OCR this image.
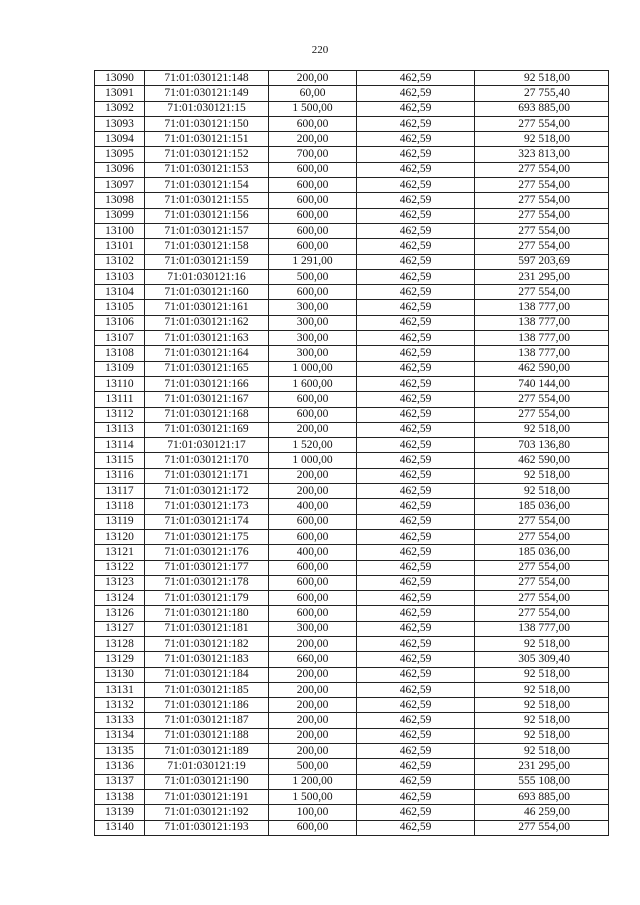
220
13090	71:01:030121:148	200,00	462,59	92 518,00
13091	71:01:030121:149	60,00	462,59	27 755,40
13092	71:01:030121:15	1 500,00	462,59	693 885,00
13093	71:01:030121:150	600,00	462,59	277 554,00
13094	71:01:030121:151	200,00	462,59	92 518,00
13095	71:01:030121:152	700,00	462,59	323 813,00
13096	71:01:030121:153	600,00	462,59	277 554,00
13097	71:01:030121:154	600,00	462,59	277 554,00
13098	71:01:030121:155	600,00	462,59	277 554,00
13099	71:01:030121:156	600,00	462,59	277 554,00
13100	71:01:030121:157	600,00	462,59	277 554,00
13101	71:01:030121:158	600,00	462,59	277 554,00
13102	71:01:030121:159	1 291,00	462,59	597 203,69
13103	71:01:030121:16	500,00	462,59	231 295,00
13104	71:01:030121:160	600,00	462,59	277 554,00
13105	71:01:030121:161	300,00	462,59	138 777,00
13106	71:01:030121:162	300,00	462,59	138 777,00
13107	71:01:030121:163	300,00	462,59	138 777,00
13108	71:01:030121:164	300,00	462,59	138 777,00
13109	71:01:030121:165	1 000,00	462,59	462 590,00
13110	71:01:030121:166	1 600,00	462,59	740 144,00
13111	71:01:030121:167	600,00	462,59	277 554,00
13112	71:01:030121:168	600,00	462,59	277 554,00
13113	71:01:030121:169	200,00	462,59	92 518,00
13114	71:01:030121:17	1 520,00	462,59	703 136,80
13115	71:01:030121:170	1 000,00	462,59	462 590,00
13116	71:01:030121:171	200,00	462,59	92 518,00
13117	71:01:030121:172	200,00	462,59	92 518,00
13118	71:01:030121:173	400,00	462,59	185 036,00
13119	71:01:030121:174	600,00	462,59	277 554,00
13120	71:01:030121:175	600,00	462,59	277 554,00
13121	71:01:030121:176	400,00	462,59	185 036,00
13122	71:01:030121:177	600,00	462,59	277 554,00
13123	71:01:030121:178	600,00	462,59	277 554,00
13124	71:01:030121:179	600,00	462,59	277 554,00
13126	71:01:030121:180	600,00	462,59	277 554,00
13127	71:01:030121:181	300,00	462,59	138 777,00
13128	71:01:030121:182	200,00	462,59	92 518,00
13129	71:01:030121:183	660,00	462,59	305 309,40
13130	71:01:030121:184	200,00	462,59	92 518,00
13131	71:01:030121:185	200,00	462,59	92 518,00
13132	71:01:030121:186	200,00	462,59	92 518,00
13133	71:01:030121:187	200,00	462,59	92 518,00
13134	71:01:030121:188	200,00	462,59	92 518,00
13135	71:01:030121:189	200,00	462,59	92 518,00
13136	71:01:030121:19	500,00	462,59	231 295,00
13137	71:01:030121:190	1 200,00	462,59	555 108,00
13138	71:01:030121:191	1 500,00	462,59	693 885,00
13139	71:01:030121:192	100,00	462,59	46 259,00
13140	71:01:030121:193	600,00	462,59	277 554,00
